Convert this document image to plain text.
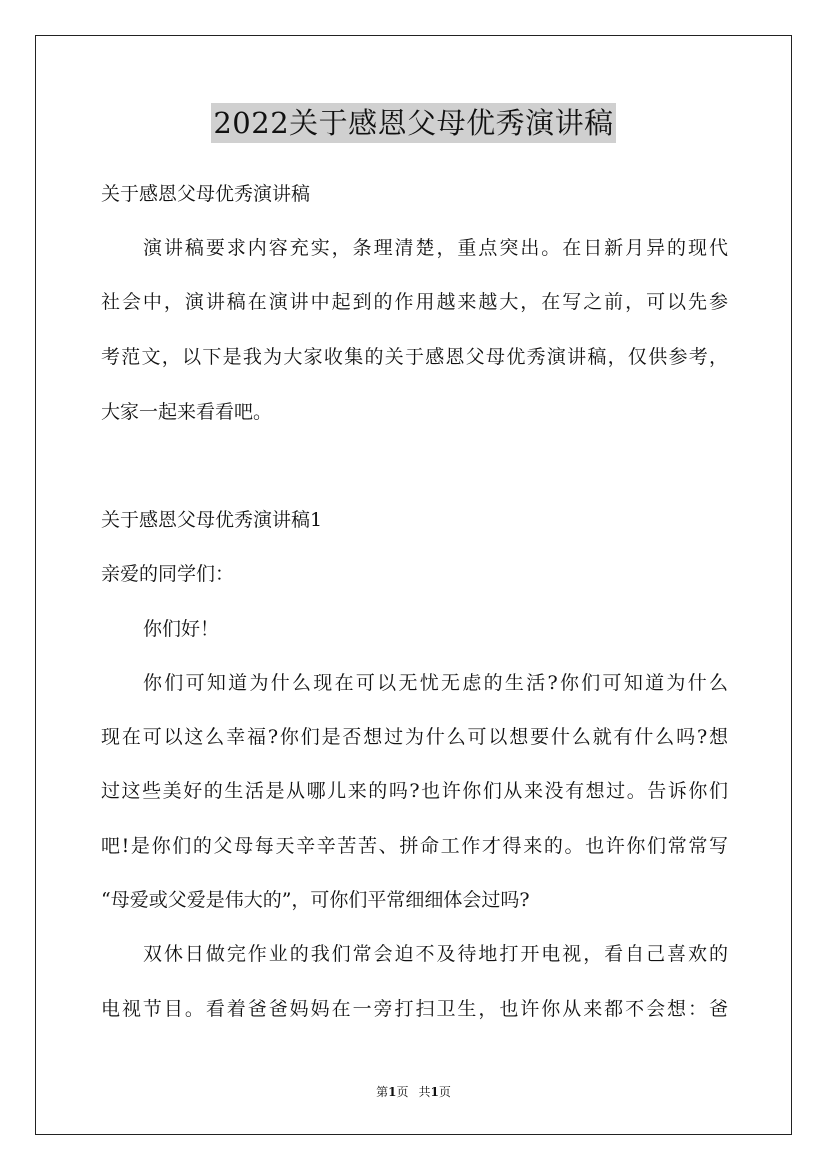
2022关于感恩父母优秀演讲稿
关于感恩父母优秀演讲稿
演讲稿要求内容充实，条理清楚，重点突出。在日新月异的现代
社会中，演讲稿在演讲中起到的作用越来越大，在写之前，可以先参
考范文，以下是我为大家收集的关于感恩父母优秀演讲稿，仅供参考，
大家一起来看看吧。
关于感恩父母优秀演讲稿1
亲爱的同学们：
你们好！
你们可知道为什么现在可以无忧无虑的生活?你们可知道为什么
现在可以这么幸福?你们是否想过为什么可以想要什么就有什么吗?想
过这些美好的生活是从哪儿来的吗?也许你们从来没有想过。告诉你们
吧!是你们的父母每天辛辛苦苦、拼命工作才得来的。也许你们常常写
“母爱或父爱是伟大的”，可你们平常细细体会过吗?
双休日做完作业的我们常会迫不及待地打开电视，看自己喜欢的
电视节目。看着爸爸妈妈在一旁打扫卫生，也许你从来都不会想：爸
第1页 共1页
